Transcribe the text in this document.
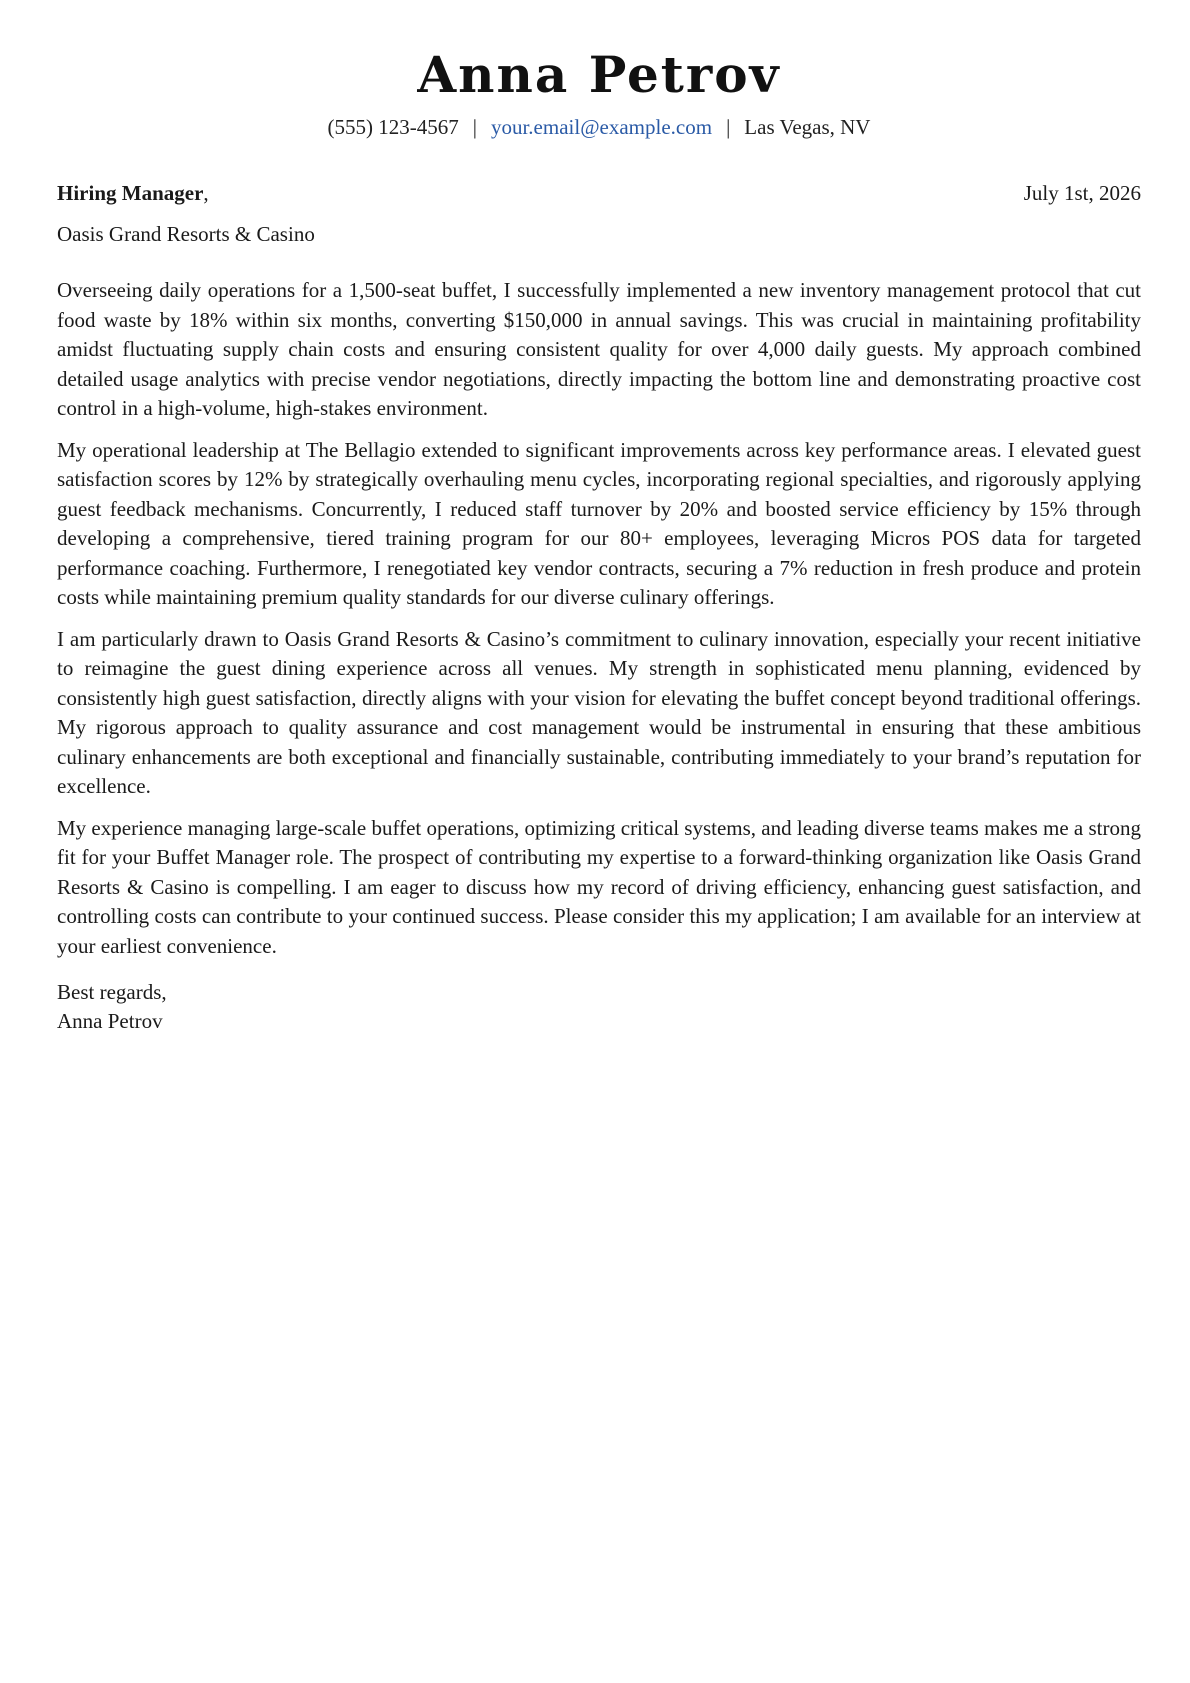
Anna Petrov
(555) 123-4567 | your.email@example.com | Las Vegas, NV
Hiring Manager,	July 1st, 2026
Oasis Grand Resorts & Casino

Overseeing daily operations for a 1,500-seat buffet, I successfully implemented a new inventory management protocol that cut food waste by 18% within six months, converting $150,000 in annual savings. This was crucial in maintaining profitability amidst fluctuating supply chain costs and ensuring consistent quality for over 4,000 daily guests. My approach combined detailed usage analytics with precise vendor negotiations, directly impacting the bottom line and demonstrating proactive cost control in a high-volume, high-stakes environment.

My operational leadership at The Bellagio extended to significant improvements across key performance areas. I elevated guest satisfaction scores by 12% by strategically overhauling menu cycles, incorporating regional specialties, and rigorously applying guest feedback mechanisms. Concurrently, I reduced staff turnover by 20% and boosted service efficiency by 15% through developing a comprehensive, tiered training program for our 80+ employees, leveraging Micros POS data for targeted performance coaching. Furthermore, I renegotiated key vendor contracts, securing a 7% reduction in fresh produce and protein costs while maintaining premium quality standards for our diverse culinary offerings.

I am particularly drawn to Oasis Grand Resorts & Casino’s commitment to culinary innovation, especially your recent initiative to reimagine the guest dining experience across all venues. My strength in sophisticated menu planning, evidenced by consistently high guest satisfaction, directly aligns with your vision for elevating the buffet concept beyond traditional offerings. My rigorous approach to quality assurance and cost management would be instrumental in ensuring that these ambitious culinary enhancements are both exceptional and financially sustainable, contributing immediately to your brand’s reputation for excellence.

My experience managing large-scale buffet operations, optimizing critical systems, and leading diverse teams makes me a strong fit for your Buffet Manager role. The prospect of contributing my expertise to a forward-thinking organization like Oasis Grand Resorts & Casino is compelling. I am eager to discuss how my record of driving efficiency, enhancing guest satisfaction, and controlling costs can contribute to your continued success. Please consider this my application; I am available for an interview at your earliest convenience.

Best regards,
Anna Petrov
